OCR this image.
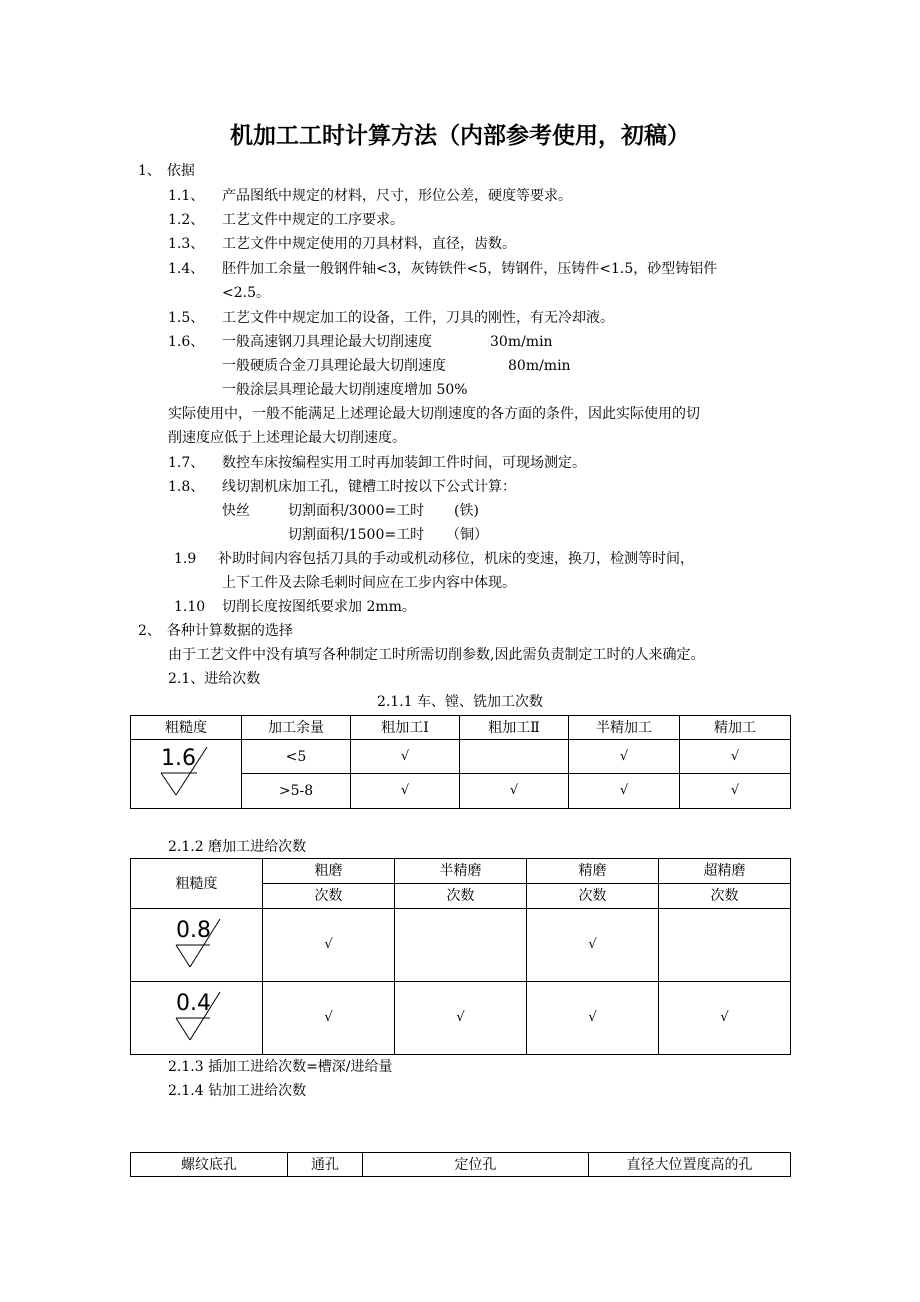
机加工工时计算方法（内部参考使用，初稿）
1、 依据
1.1、 产品图纸中规定的材料，尺寸，形位公差，硬度等要求。
1.2、 工艺文件中规定的工序要求。
1.3、 工艺文件中规定使用的刀具材料，直径，齿数。
1.4、 胚件加工余量一般钢件轴<3，灰铸铁件<5，铸钢件，压铸件<1.5，砂型铸铝件
<2.5。
1.5、 工艺文件中规定加工的设备，工件，刀具的刚性，有无冷却液。
1.6、 一般高速钢刀具理论最大切削速度	30m/min
一般硬质合金刀具理论最大切削速度	80m/min
一般涂层具理论最大切削速度增加 50%
实际使用中，一般不能满足上述理论最大切削速度的各方面的条件，因此实际使用的切
削速度应低于上述理论最大切削速度。
1.7、 数控车床按编程实用工时再加装卸工件时间，可现场测定。
1.8、 线切割机床加工孔，键槽工时按以下公式计算：
快丝	切割面积/3000=工时 (铁)
切割面积/1500=工时 （铜）
1.9 补助时间内容包括刀具的手动或机动移位，机床的变速，换刀，检测等时间，
上下工件及去除毛刺时间应在工步内容中体现。
1.10 切削长度按图纸要求加 2mm。
2、 各种计算数据的选择
由于工艺文件中没有填写各种制定工时所需切削参数,因此需负责制定工时的人来确定。
2.1、进给次数
2.1.1 车、镗、铣加工次数
粗糙度	加工余量	粗加工Ⅰ	粗加工Ⅱ	半精加工	精加工

1.6	<5	√		√	√
	>5-8	√	√	√	√
2.1.2 磨加工进给次数
粗糙度	粗磨	半精磨	精磨	超精磨
	次数	次数	次数	次数

0.8	√		√	

0.4	√	√	√	√
2.1.3 插加工进给次数=槽深/进给量
2.1.4 钻加工进给次数
螺纹底孔	通孔	定位孔	直径大位置度高的孔
